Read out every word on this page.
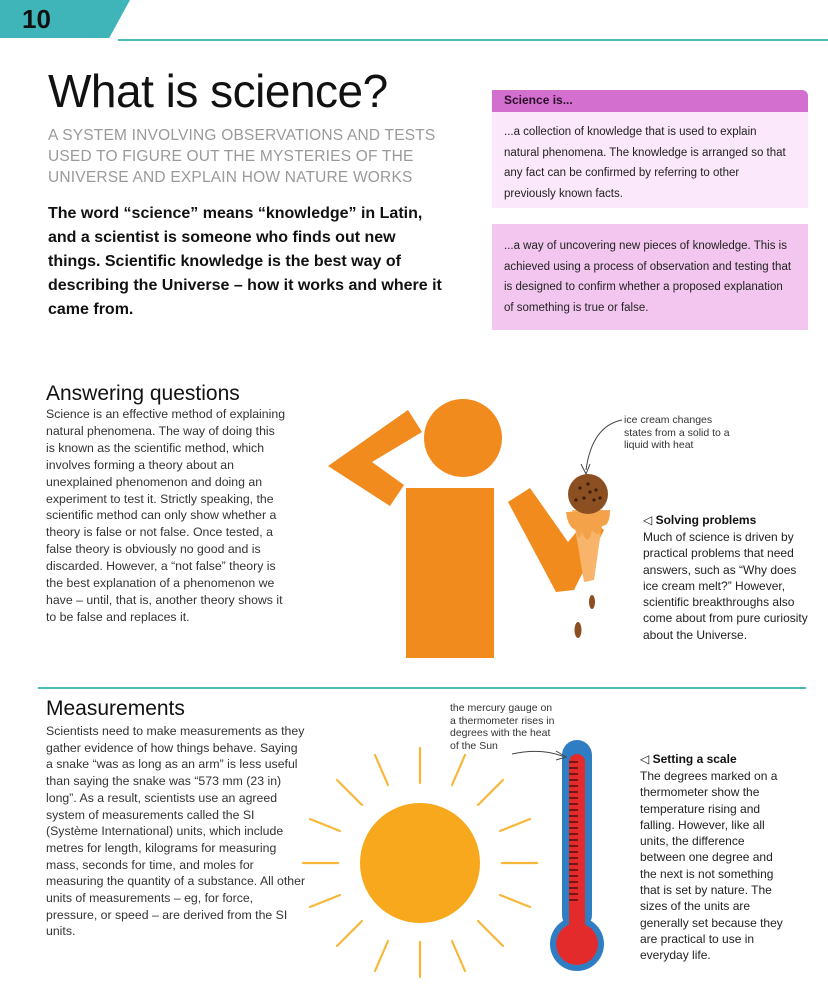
10
What is science?
A SYSTEM INVOLVING OBSERVATIONS AND TESTS USED TO FIGURE OUT THE MYSTERIES OF THE UNIVERSE AND EXPLAIN HOW NATURE WORKS
The word “science” means “knowledge” in Latin, and a scientist is someone who finds out new things. Scientific knowledge is the best way of describing the Universe – how it works and where it came from.
Science is...
...a collection of knowledge that is used to explain natural phenomena. The knowledge is arranged so that any fact can be confirmed by referring to other previously known facts.
...a way of uncovering new pieces of knowledge. This is achieved using a process of observation and testing that is designed to confirm whether a proposed explanation of something is true or false.
Answering questions
Science is an effective method of explaining natural phenomena. The way of doing this is known as the scientific method, which involves forming a theory about an unexplained phenomenon and doing an experiment to test it. Strictly speaking, the scientific method can only show whether a theory is false or not false. Once tested, a false theory is obviously no good and is discarded. However, a “not false” theory is the best explanation of a phenomenon we have – until, that is, another theory shows it to be false and replaces it.
ice cream changes states from a solid to a liquid with heat
◁ Solving problems
Much of science is driven by practical problems that need answers, such as “Why does ice cream melt?” However, scientific breakthroughs also come about from pure curiosity about the Universe.
Measurements
Scientists need to make measurements as they gather evidence of how things behave. Saying a snake “was as long as an arm” is less useful than saying the snake was “573 mm (23 in) long”. As a result, scientists use an agreed system of measurements called the SI (Système International) units, which include metres for length, kilograms for measuring mass, seconds for time, and moles for measuring the quantity of a substance. All other units of measurements – eg, for force, pressure, or speed – are derived from the SI units.
the mercury gauge on a thermometer rises in degrees with the heat of the Sun
◁ Setting a scale
The degrees marked on a thermometer show the temperature rising and falling. However, like all units, the difference between one degree and the next is not something that is set by nature. The sizes of the units are generally set because they are practical to use in everyday life.
